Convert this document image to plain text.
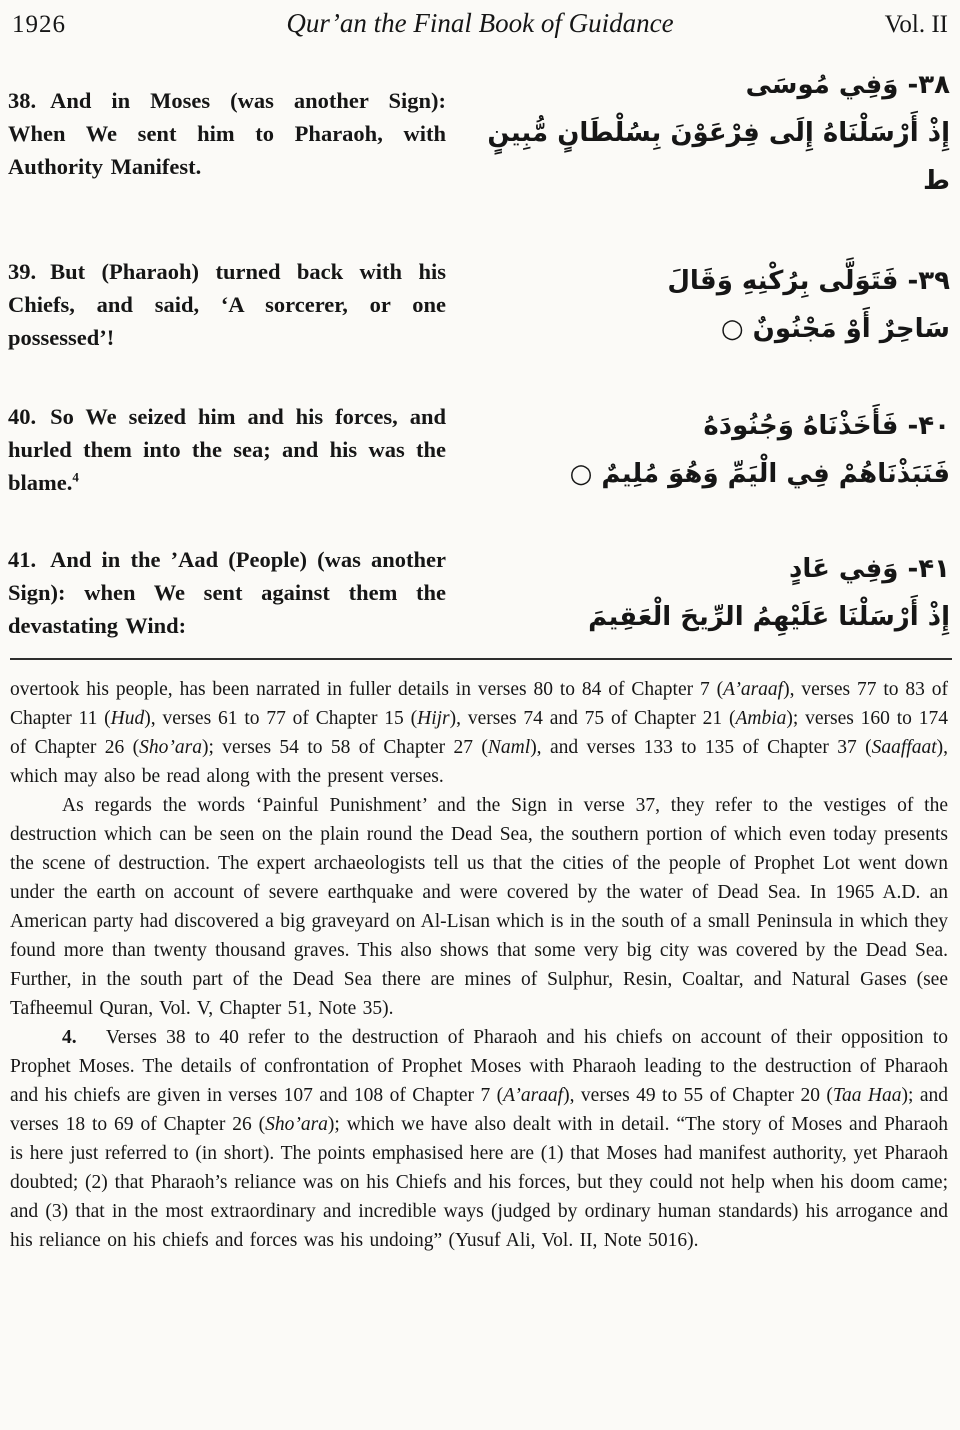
1926	Qur’an the Final Book of Guidance	Vol. II

38. And in Moses (was another Sign): When We sent him to Pharaoh, with Authority Manifest.

۳۸- وَفِي مُوسَى
إِذْ أَرْسَلْنَاهُ إِلَى فِرْعَوْنَ بِسُلْطَانٍ مُّبِينٍ ط

39. But (Pharaoh) turned back with his Chiefs, and said, ‘A sorcerer, or one possessed’!

۳۹- فَتَوَلَّى بِرُكْنِهِ وَقَالَ
سَاحِرٌ أَوْ مَجْنُونٌ ○

40. So We seized him and his forces, and hurled them into the sea; and his was the blame.$^4$

۴۰- فَأَخَذْنَاهُ وَجُنُودَهُ
فَنَبَذْنَاهُمْ فِي الْيَمِّ وَهُوَ مُلِيمٌ ○

41. And in the ’Aad (People) (was another Sign): when We sent against them the devastating Wind:

۴۱- وَفِي عَادٍ
إِذْ أَرْسَلْنَا عَلَيْهِمُ الرِّيحَ الْعَقِيمَ

overtook his people, has been narrated in fuller details in verses 80 to 84 of Chapter 7 (A’araaf), verses 77 to 83 of Chapter 11 (Hud), verses 61 to 77 of Chapter 15 (Hijr), verses 74 and 75 of Chapter 21 (Ambia); verses 160 to 174 of Chapter 26 (Sho’ara); verses 54 to 58 of Chapter 27 (Naml), and verses 133 to 135 of Chapter 37 (Saaffaat), which may also be read along with the present verses.

As regards the words ‘Painful Punishment’ and the Sign in verse 37, they refer to the vestiges of the destruction which can be seen on the plain round the Dead Sea, the southern portion of which even today presents the scene of destruction. The expert archaeologists tell us that the cities of the people of Prophet Lot went down under the earth on account of severe earthquake and were covered by the water of Dead Sea. In 1965 A.D. an American party had discovered a big graveyard on Al-Lisan which is in the south of a small Peninsula in which they found more than twenty thousand graves. This also shows that some very big city was covered by the Dead Sea. Further, in the south part of the Dead Sea there are mines of Sulphur, Resin, Coaltar, and Natural Gases (see Tafheemul Quran, Vol. V, Chapter 51, Note 35).

4.  Verses 38 to 40 refer to the destruction of Pharaoh and his chiefs on account of their opposition to Prophet Moses. The details of confrontation of Prophet Moses with Pharaoh leading to the destruction of Pharaoh and his chiefs are given in verses 107 and 108 of Chapter 7 (A’araaf), verses 49 to 55 of Chapter 20 (Taa Haa); and verses 18 to 69 of Chapter 26 (Sho’ara); which we have also dealt with in detail. “The story of Moses and Pharaoh is here just referred to (in short). The points emphasised here are (1) that Moses had manifest authority, yet Pharaoh doubted; (2) that Pharaoh’s reliance was on his Chiefs and his forces, but they could not help when his doom came; and (3) that in the most extraordinary and incredible ways (judged by ordinary human standards) his arrogance and his reliance on his chiefs and forces was his undoing” (Yusuf Ali, Vol. II, Note 5016).
